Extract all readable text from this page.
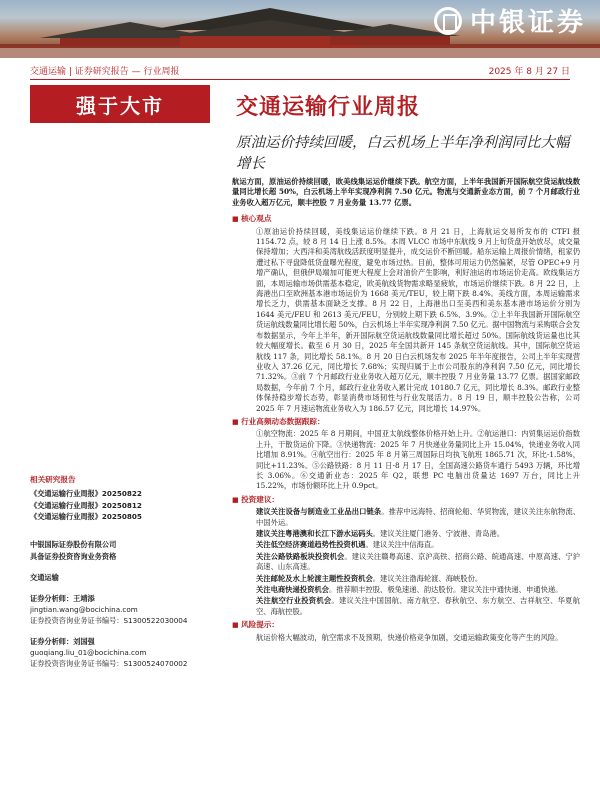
中银证券
交通运输 | 证券研究报告 — 行业周报	2025 年 8 月 27 日
强于大市	交通运输行业周报
原油运价持续回暖，白云机场上半年净利润同比大幅增长

航运方面，原油运价持续回暖，欧美线集运运价继续下跌。航空方面，上半年我国新开国际航空货运航线数量同比增长超 50%，白云机场上半年实现净利润 7.50 亿元。物流与交通新业态方面，前 7 个月邮政行业业务收入超万亿元，顺丰控股 7 月业务量 13.77 亿票。

■ 核心观点

①原油运价持续回暖，美线集运运价继续下跌。8 月 21 日，上海航运交易所发布的 CTFI 报 1154.72 点，较 8 月 14 日上涨 8.5%。本周 VLCC 市场中东航线 9 月上旬货盘开始放尽，成交量保持增加；大西洋和美湾航线活跃度明显提升，成交运价不断回暖。船东运输上周报价情绪，租家仍遭过私下寻盘降低货盘曝光程度，避免市场过热。目前，整体可用运力仍然偏紧，尽管 OPEC+9 月增产确认，但俄伊局端加可能更大程度上会对油价产生影响，利好油运的市场运价走高。欧线集运方面，本周运输市场供需基本稳定，欧美航线货物需求略显疲软，市场运价继续下跌。8 月 22 日，上海港出口至欧洲基本港市场运价为 1668 美元/TEU，较上期下跌 8.4%。美线方面，本周运输需求增长乏力，供需基本面缺乏支撑。8 月 22 日，上海港出口至美西和美东基本港市场运价分别为 1644 美元/FEU 和 2613 美元/FEU，分别较上期下跌 6.5%、3.9%。②上半年我国新开国际航空货运航线数量同比增长超 50%，白云机场上半年实现净利润 7.50 亿元。据中国物流与采购联合会发布数据显示，今年上半年，新开国际航空货运航线数量同比增长超过 50%。国际航线货运量也比其较大幅度增长。截至 6 月 30 日，2025 年全国共新开 145 条航空货运航线。其中，国际航空货运航线 117 条，同比增长 58.1%。8 月 20 日白云机场发布 2025 年半年度报告，公司上半年实现营业收入 37.26 亿元，同比增长 7.68%；实现归属于上市公司股东的净利润 7.50 亿元，同比增长 71.32%。③前 7 个月邮政行业业务收入超万亿元，顺丰控股 7 月业务量 13.77 亿票。据国家邮政局数据，今年前 7 个月，邮政行业业务收入累计完成 10180.7 亿元，同比增长 8.3%。邮政行业整体保持稳步增长态势，彰显消费市场韧性与行业发展活力。8 月 19 日，顺丰控股公告称，公司 2025 年 7 月速运物流业务收入为 186.57 亿元，同比增长 14.97%。

■ 行业高频动态数据跟踪：

①航空物流：2025 年 8 月期间，中国亚太航线整体价格开始上升。②航运港口：内贸集运运价指数上升，干散货运价下降。③快递物流：2025 年 7 月快递业务量同比上升 15.04%，快递业务收入同比增加 8.91%。④航空出行：2025 年 8 月第三周国际日均执飞航班 1865.71 次，环比-1.58%，同比+11.23%。⑤公路铁路：8 月 11 日-8 月 17 日，全国高速公路货车通行 5493 万辆，环比增长 3.06%。⑥交通新业态：2025 年 Q2，联想 PC 电脑出货量达 1697 万台，同比上升 15.22%，市场份额环比上升 0.9pct。

■ 投资建议：

建议关注设备与制造业工业品出口链条。推荐中远海特、招商轮船、华贸物流，建议关注东航物流、中国外运。

建议关注粤港澳和长江下游水运码头。建议关注厦门港务、宁波港、青岛港。

关注低空经济赛道趋势性投资机遇。建议关注中信海直。

关注公路铁路板块投资机会。建议关注赣粤高速、京沪高铁、招商公路、皖通高速、中原高速、宁沪高速、山东高速。

关注邮轮及水上轮渡主题性投资机会。建议关注渤海轮渡、海峡股份。

关注电商快递投资机会。推荐顺丰控股、极兔速递、韵达股份。建议关注中通快递、申通快递。

关注航空行业投资机会。建议关注中国国航、南方航空、春秋航空、东方航空、吉祥航空、华夏航空、海航控股。

■ 风险提示：

航运价格大幅波动，航空需求不及预期，快递价格竞争加剧，交通运输政策变化等产生的风险。

相关研究报告
《交通运输行业周报》20250822
《交通运输行业周报》20250812
《交通运输行业周报》20250805
中银国际证券股份有限公司
具备证券投资咨询业务资格
交通运输
证券分析师：王靖添
jingtian.wang@bocichina.com
证券投资咨询业务证书编号：S1300522030004
证券分析师：刘国强
guoqiang.liu_01@bocichina.com
证券投资咨询业务证书编号：S1300524070002
